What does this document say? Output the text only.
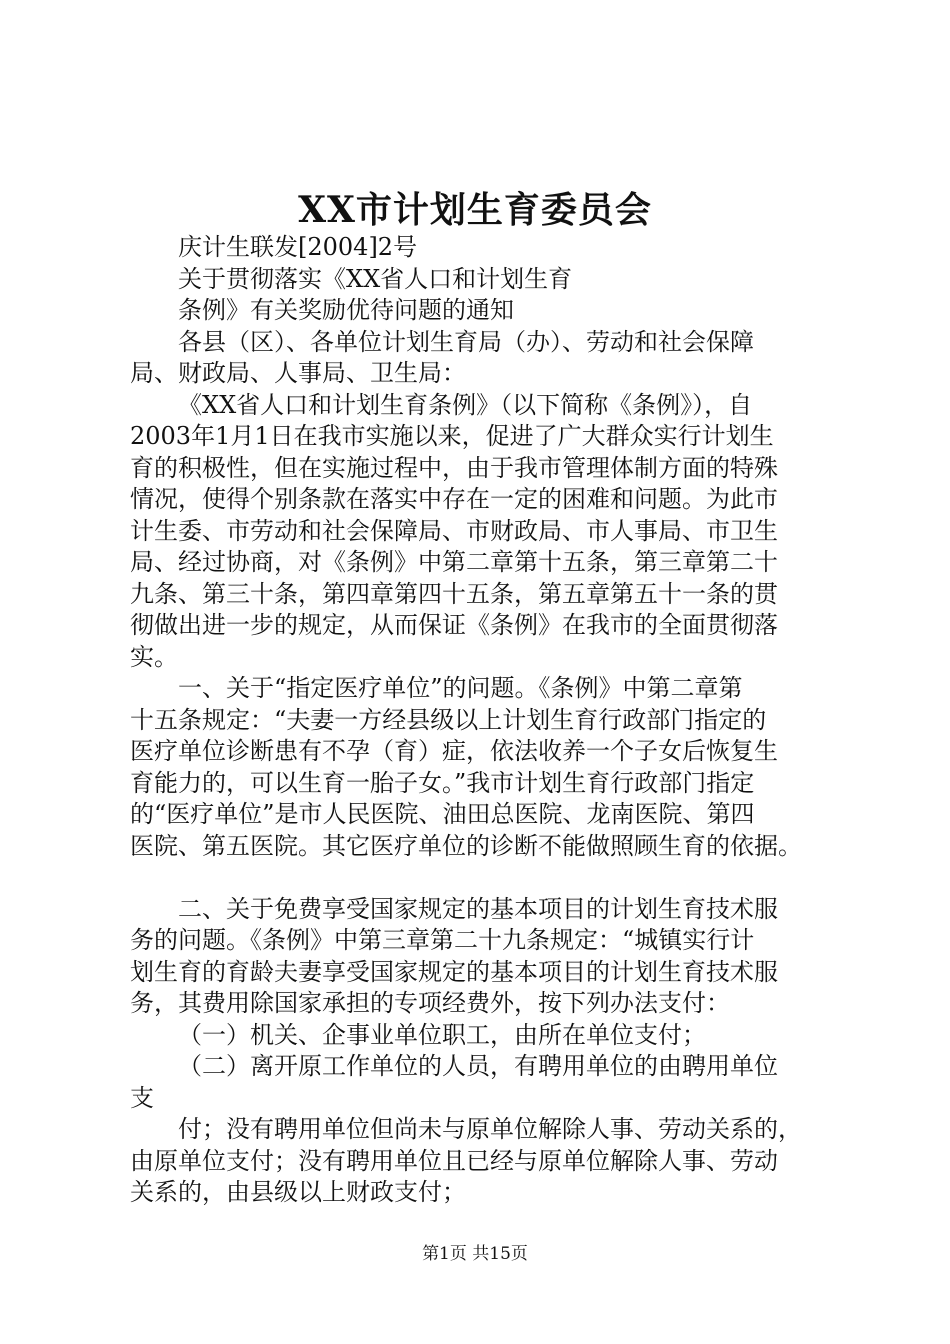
XX市计划生育委员会
庆计生联发[2004]2号
关于贯彻落实《XX省人口和计划生育
条例》有关奖励优待问题的通知
各县（区）、各单位计划生育局（办）、劳动和社会保障
局、财政局、人事局、卫生局：
《XX省人口和计划生育条例》（以下简称《条例》），自
2003年1月1日在我市实施以来，促进了广大群众实行计划生
育的积极性，但在实施过程中，由于我市管理体制方面的特殊
情况，使得个别条款在落实中存在一定的困难和问题。为此市
计生委、市劳动和社会保障局、市财政局、市人事局、市卫生
局、经过协商，对《条例》中第二章第十五条，第三章第二十
九条、第三十条，第四章第四十五条，第五章第五十一条的贯
彻做出进一步的规定，从而保证《条例》在我市的全面贯彻落
实。
一、关于“指定医疗单位”的问题。《条例》中第二章第
十五条规定：“夫妻一方经县级以上计划生育行政部门指定的
医疗单位诊断患有不孕（育）症，依法收养一个子女后恢复生
育能力的，可以生育一胎子女。”我市计划生育行政部门指定
的“医疗单位”是市人民医院、油田总医院、龙南医院、第四
医院、第五医院。其它医疗单位的诊断不能做照顾生育的依据。
二、关于免费享受国家规定的基本项目的计划生育技术服
务的问题。《条例》中第三章第二十九条规定：“城镇实行计
划生育的育龄夫妻享受国家规定的基本项目的计划生育技术服
务，其费用除国家承担的专项经费外，按下列办法支付：
（一）机关、企事业单位职工，由所在单位支付；
（二）离开原工作单位的人员，有聘用单位的由聘用单位
支
付；没有聘用单位但尚未与原单位解除人事、劳动关系的，
由原单位支付；没有聘用单位且已经与原单位解除人事、劳动
关系的，由县级以上财政支付；
第1页 共15页
